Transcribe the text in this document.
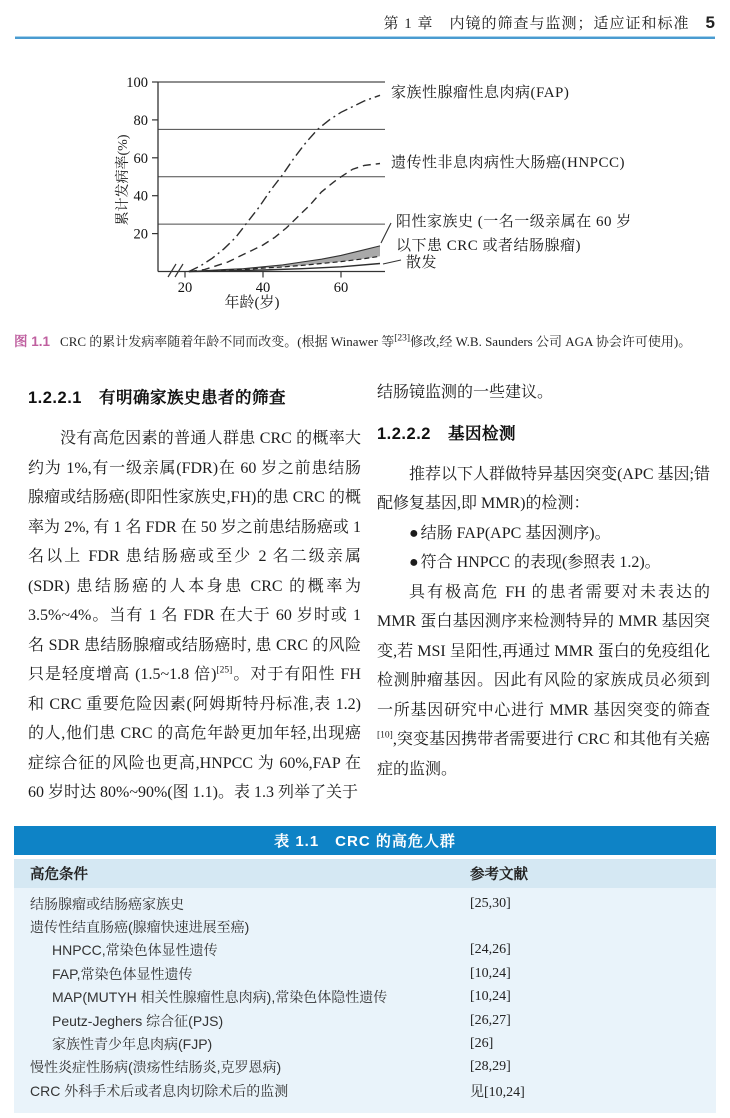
第 1 章　内镜的筛查与监测；适应证和标准 5
20
40
60
80
100
20	40	60
累计发病率(%)
年龄(岁)
家族性腺瘤性息肉病(FAP)
遗传性非息肉病性大肠癌(HNPCC)
阳性家族史 (一名一级亲属在 60 岁
以下患 CRC 或者结肠腺瘤)
散发
图 1.1 CRC 的累计发病率随着年龄不同而改变。(根据 Winawer 等[23]修改,经 W.B. Saunders 公司 AGA 协会许可使用)。
1.2.2.1　有明确家族史患者的筛查

没有高危因素的普通人群患 CRC 的概率大约为 1%,有一级亲属(FDR)在 60 岁之前患结肠腺瘤或结肠癌(即阳性家族史,FH)的患 CRC 的概率为 2%, 有 1 名 FDR 在 50 岁之前患结肠癌或 1 名以上 FDR 患结肠癌或至少 2 名二级亲属(SDR) 患结肠癌的人本身患 CRC 的概率为 3.5%~4%。当有 1 名 FDR 在大于 60 岁时或 1 名 SDR 患结肠腺瘤或结肠癌时, 患 CRC 的风险只是轻度增高 (1.5~1.8 倍)[25]。对于有阳性 FH 和 CRC 重要危险因素(阿姆斯特丹标准,表 1.2)的人,他们患 CRC 的高危年龄更加年轻,出现癌症综合征的风险也更高,HNPCC 为 60%,FAP 在 60 岁时达 80%~90%(图 1.1)。表 1.3 列举了关于

结肠镜监测的一些建议。

1.2.2.2　基因检测

推荐以下人群做特异基因突变(APC 基因;错配修复基因,即 MMR)的检测：

● 结肠 FAP(APC 基因测序)。
● 符合 HNPCC 的表现(参照表 1.2)。

具有极高危 FH 的患者需要对未表达的 MMR 蛋白基因测序来检测特异的 MMR 基因突变,若 MSI 呈阳性,再通过 MMR 蛋白的免疫组化检测肿瘤基因。因此有风险的家族成员必须到一所基因研究中心进行 MMR 基因突变的筛查[10],突变基因携带者需要进行 CRC 和其他有关癌症的监测。

表 1.1　CRC 的高危人群
高危条件	参考文献
结肠腺瘤或结肠癌家族史	[25,30]
遗传性结直肠癌(腺瘤快速进展至癌)
HNPCC,常染色体显性遗传	[24,26]
FAP,常染色体显性遗传	[10,24]
MAP(MUTYH 相关性腺瘤性息肉病),常染色体隐性遗传	[10,24]
Peutz-Jeghers 综合征(PJS)	[26,27]
家族性青少年息肉病(FJP)	[26]
慢性炎症性肠病(溃疡性结肠炎,克罗恩病)	[28,29]
CRC 外科手术后或者息肉切除术后的监测	见[10,24]
